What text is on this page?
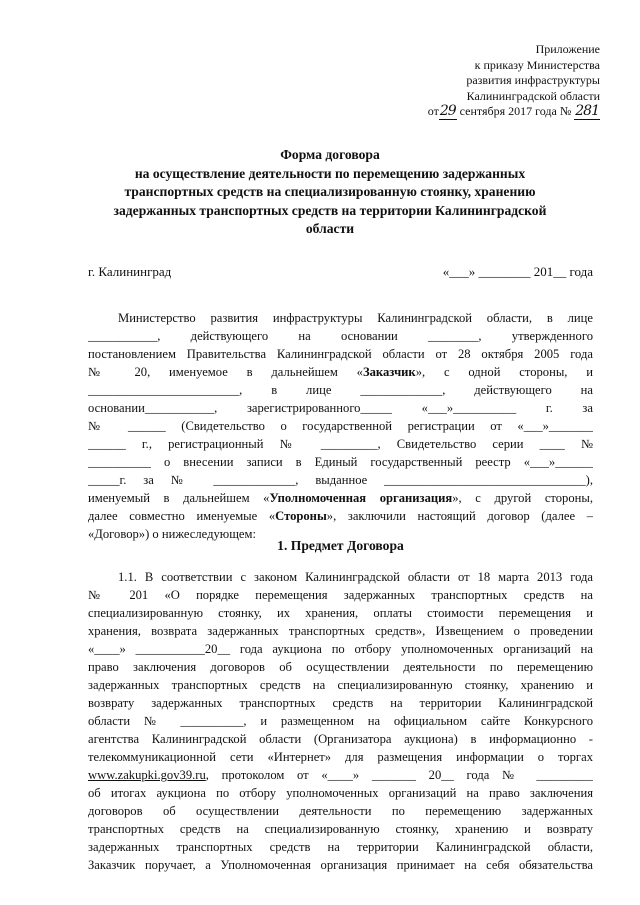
Приложение
к приказу Министерства
развития инфраструктуры
Калининградской области
от29 сентября 2017 года № 281
Форма договора
на осуществление деятельности по перемещению задержанных
транспортных средств на специализированную стоянку, хранению
задержанных транспортных средств на территории Калининградской
области
г. Калининград	«___» ________ 201__ года
Министерство развития инфраструктуры Калининградской области, в лице
___________, действующего на основании ________, утвержденного
постановлением Правительства Калининградской области от 28 октября 2005 года
№ 20, именуемое в дальнейшем «Заказчик», с одной стороны, и
________________________, в лице _____________, действующего на
основании___________, зарегистрированного_____ «___»__________ г. за
№ ______ (Свидетельство о государственной регистрации от «___»_______
______ г., регистрационный № _________, Свидетельство серии ____ №
__________ о внесении записи в Единый государственный реестр «___»______
_____г. за № _____________, выданное ________________________________),
именуемый в дальнейшем «Уполномоченная организация», с другой стороны,
далее совместно именуемые «Стороны», заключили настоящий договор (далее –
«Договор») о нижеследующем:
1. Предмет Договора
1.1. В соответствии с законом Калининградской области от 18 марта 2013 года
№ 201 «О порядке перемещения задержанных транспортных средств на
специализированную стоянку, их хранения, оплаты стоимости перемещения и
хранения, возврата задержанных транспортных средств», Извещением о проведении
«____» ___________20__ года аукциона по отбору уполномоченных организаций на
право заключения договоров об осуществлении деятельности по перемещению
задержанных транспортных средств на специализированную стоянку, хранению и
возврату задержанных транспортных средств на территории Калининградской
области № __________, и размещенном на официальном сайте Конкурсного
агентства Калининградской области (Организатора аукциона) в информационно -
телекоммуникационной сети «Интернет» для размещения информации о торгах
www.zakupki.gov39.ru, протоколом от «____» _______ 20__ года № _________
об итогах аукциона по отбору уполномоченных организаций на право заключения
договоров об осуществлении деятельности по перемещению задержанных
транспортных средств на специализированную стоянку, хранению и возврату
задержанных транспортных средств на территории Калининградской области,
Заказчик поручает, а Уполномоченная организация принимает на себя обязательства
